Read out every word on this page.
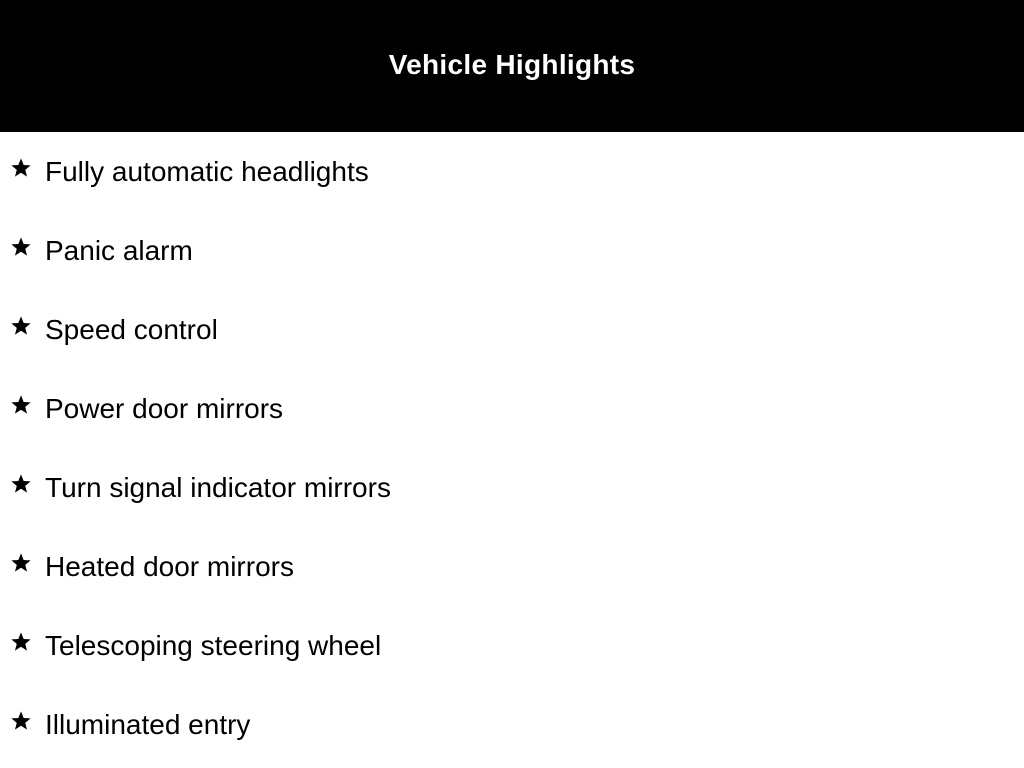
Vehicle Highlights
Fully automatic headlights
Panic alarm
Speed control
Power door mirrors
Turn signal indicator mirrors
Heated door mirrors
Telescoping steering wheel
Illuminated entry
